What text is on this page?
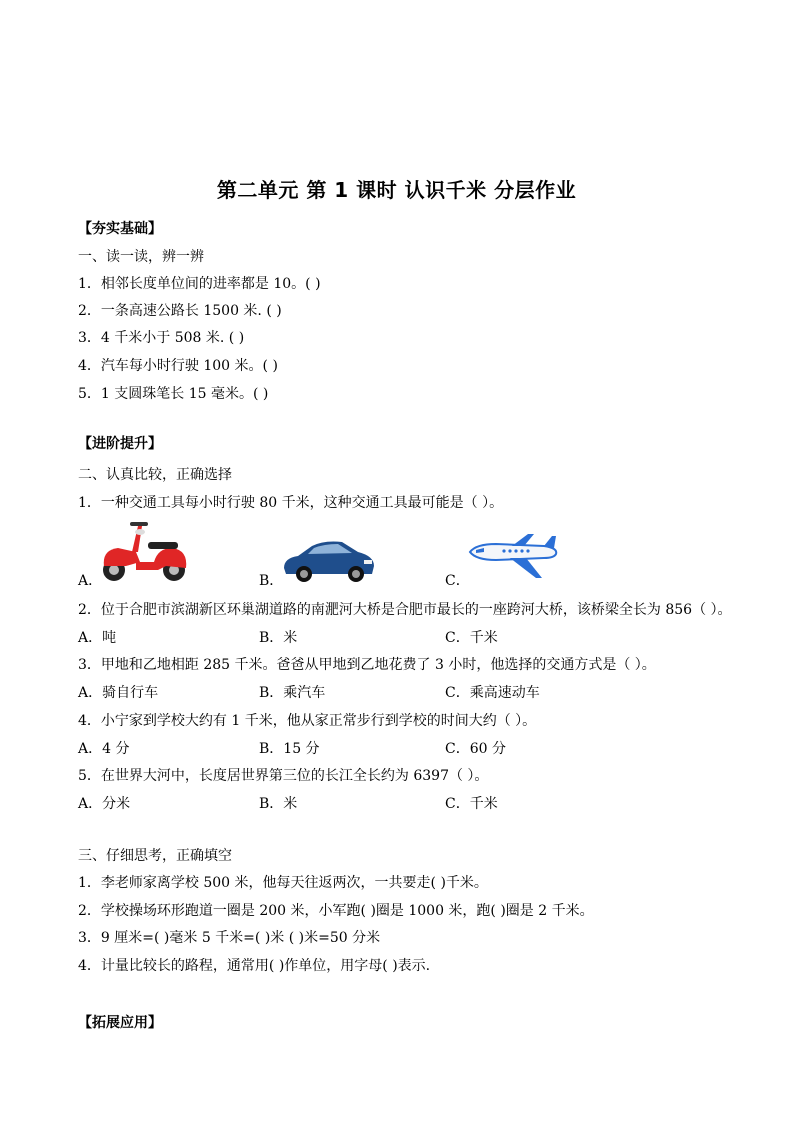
第二单元 第 1 课时 认识千米 分层作业
【夯实基础】
一、读一读，辨一辨
1．相邻长度单位间的进率都是 10。( )
2．一条高速公路长 1500 米. ( )
3．4 千米小于 508 米. ( )
4．汽车每小时行驶 100 米。( )
5．1 支圆珠笔长 15 毫米。( )
【进阶提升】
二、认真比较，正确选择
1．一种交通工具每小时行驶 80 千米，这种交通工具最可能是（ ）。
A．	B．	C．
2．位于合肥市滨湖新区环巢湖道路的南淝河大桥是合肥市最长的一座跨河大桥，该桥梁全长为 856（ ）。
A．吨	B．米	C．千米
3．甲地和乙地相距 285 千米。爸爸从甲地到乙地花费了 3 小时，他选择的交通方式是（ ）。
A．骑自行车	B．乘汽车	C．乘高速动车
4．小宁家到学校大约有 1 千米，他从家正常步行到学校的时间大约（ ）。
A．4 分	B．15 分	C．60 分
5．在世界大河中，长度居世界第三位的长江全长约为 6397（ ）。
A．分米	B．米	C．千米
三、仔细思考，正确填空
1．李老师家离学校 500 米，他每天往返两次，一共要走( )千米。
2．学校操场环形跑道一圈是 200 米，小军跑( )圈是 1000 米，跑( )圈是 2 千米。
3．9 厘米=( )毫米 5 千米=( )米 ( )米=50 分米
4．计量比较长的路程，通常用( )作单位，用字母( )表示.
【拓展应用】
